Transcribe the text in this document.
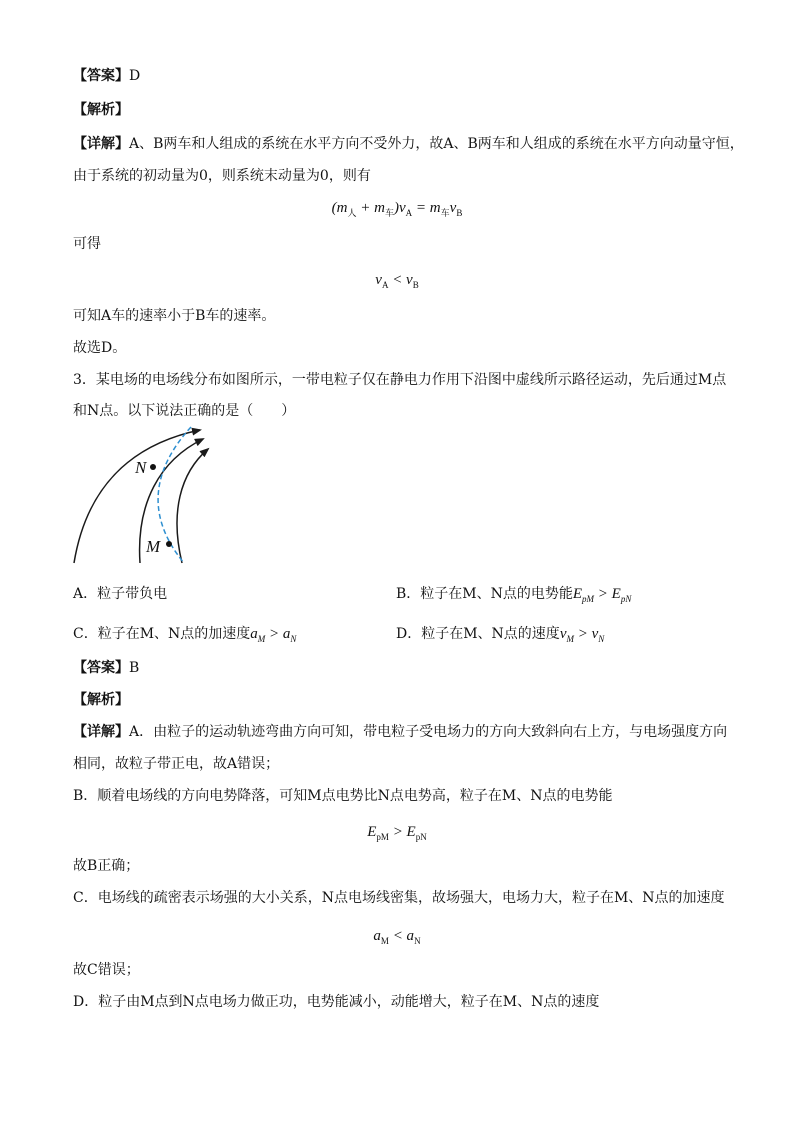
【答案】D
【解析】
【详解】A、B两车和人组成的系统在水平方向不受外力，故A、B两车和人组成的系统在水平方向动量守恒，
由于系统的初动量为0，则系统末动量为0，则有
$(m_人 + m_车)v_A = m_车v_B$
可得
$v_A < v_B$
可知A车的速率小于B车的速率。
故选D。
3．某电场的电场线分布如图所示，一带电粒子仅在静电力作用下沿图中虚线所示路径运动，先后通过M点
和N点。以下说法正确的是（　　）
N
M
A．粒子带负电	B．粒子在M、N点的电势能$E_{pM} > E_{pN}$
C．粒子在M、N点的加速度$a_M > a_N$	D．粒子在M、N点的速度$v_M > v_N$
【答案】B
【解析】
【详解】A．由粒子的运动轨迹弯曲方向可知，带电粒子受电场力的方向大致斜向右上方，与电场强度方向
相同，故粒子带正电，故A错误；
B．顺着电场线的方向电势降落，可知M点电势比N点电势高，粒子在M、N点的电势能
$E_{pM} > E_{pN}$
故B正确；
C．电场线的疏密表示场强的大小关系，N点电场线密集，故场强大，电场力大，粒子在M、N点的加速度
$a_M < a_N$
故C错误；
D．粒子由M点到N点电场力做正功，电势能减小，动能增大，粒子在M、N点的速度
